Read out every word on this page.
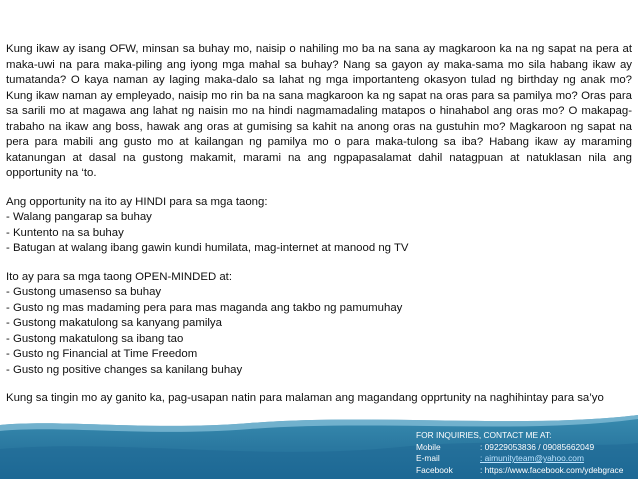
Kung ikaw ay isang OFW, minsan sa buhay mo, naisip o nahiling mo ba na sana ay magkaroon ka na ng sapat na pera at maka-uwi na para maka-piling ang iyong mga mahal sa buhay? Nang sa gayon ay maka-sama mo sila habang ikaw ay tumatanda? O kaya naman ay laging maka-dalo sa lahat ng mga importanteng okasyon tulad ng birthday ng anak mo? Kung ikaw naman ay empleyado, naisip mo rin ba na sana magkaroon ka ng sapat na oras para sa pamilya mo? Oras para sa sarili mo at magawa ang lahat ng naisin mo na hindi nagmamadaling matapos o hinahabol ang oras mo? O makapag-trabaho na ikaw ang boss, hawak ang oras at gumising sa kahit na anong oras na gustuhin mo? Magkaroon ng sapat na pera para mabili ang gusto mo at kailangan ng pamilya mo o para maka-tulong sa iba? Habang ikaw ay maraming katanungan at dasal na gustong makamit, marami na ang ngpapasalamat dahil natagpuan at natuklasan nila ang opportunity na ‘to.

Ang opportunity na ito ay HINDI para sa mga taong:

- Walang pangarap sa buhay

- Kuntento na sa buhay

- Batugan at walang ibang gawin kundi humilata, mag-internet at manood ng TV

Ito ay para sa mga taong OPEN-MINDED at:

- Gustong umasenso sa buhay

- Gusto ng mas madaming pera para mas maganda ang takbo ng pamumuhay

- Gustong makatulong sa kanyang pamilya

- Gustong makatulong sa ibang tao

- Gusto ng Financial at Time Freedom

- Gusto ng positive changes sa kanilang buhay

Kung sa tingin mo ay ganito ka, pag-usapan natin para malaman ang magandang opprtunity na naghihintay para sa’yo

FOR INQUIRIES, CONTACT ME AT:
Mobile	: 09229053836 / 09085662049
E-mail	: aimunityteam@yahoo.com
Facebook	: https://www.facebook.com/ydebgrace
